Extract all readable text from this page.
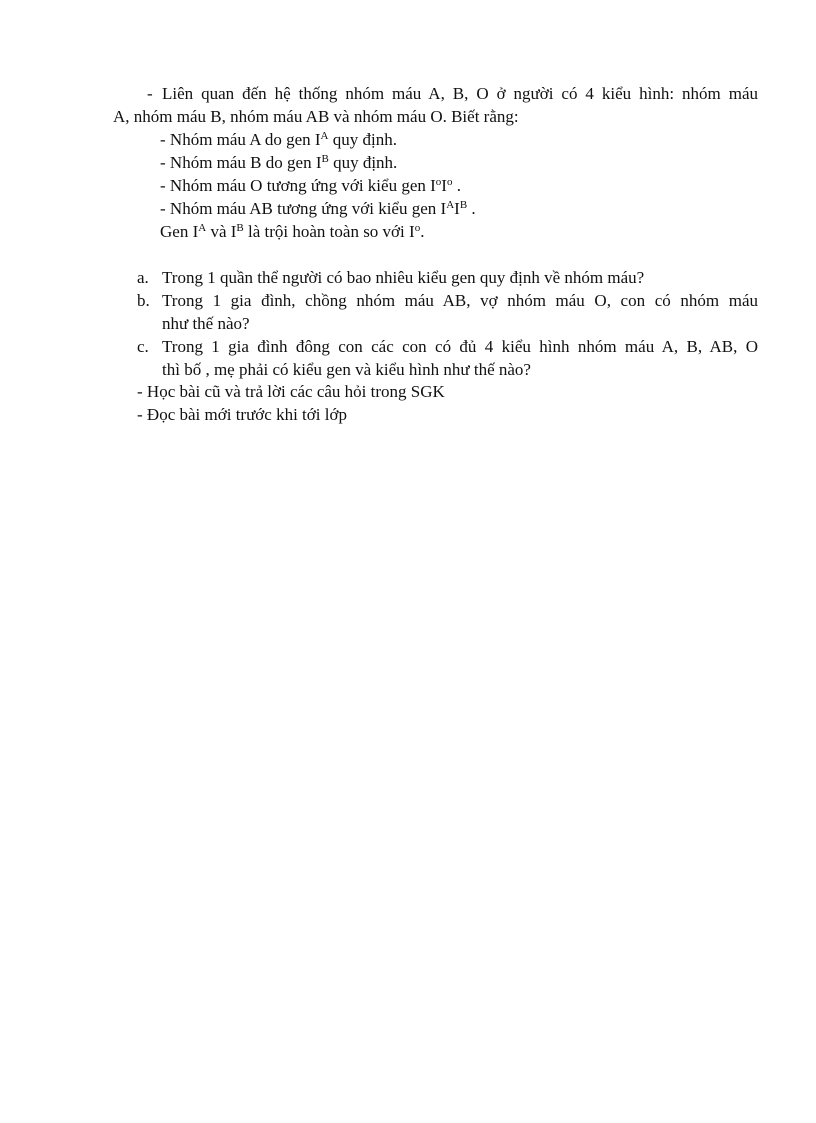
- Liên quan đến hệ thống nhóm máu A, B, O ở người có 4 kiểu hình: nhóm máu
A, nhóm máu B, nhóm máu AB và nhóm máu O. Biết rằng:
- Nhóm máu A do gen $I^A$ quy định.
- Nhóm máu B do gen $I^B$ quy định.
- Nhóm máu O tương ứng với kiểu gen $I^oI^o$ .
- Nhóm máu AB tương ứng với kiểu gen $I^AI^B$ .
Gen $I^A$ và $I^B$ là trội hoàn toàn so với $I^o$.
a. Trong 1 quần thể người có bao nhiêu kiểu gen quy định về nhóm máu?
b. Trong 1 gia đình, chồng nhóm máu AB, vợ nhóm máu O, con có nhóm máu
như thế nào?
c. Trong 1 gia đình đông con các con có đủ 4 kiểu hình nhóm máu A, B, AB, O
thì bố , mẹ phải có kiểu gen và kiểu hình như thế nào?
- Học bài cũ và trả lời các câu hỏi trong SGK
- Đọc bài mới trước khi tới lớp
